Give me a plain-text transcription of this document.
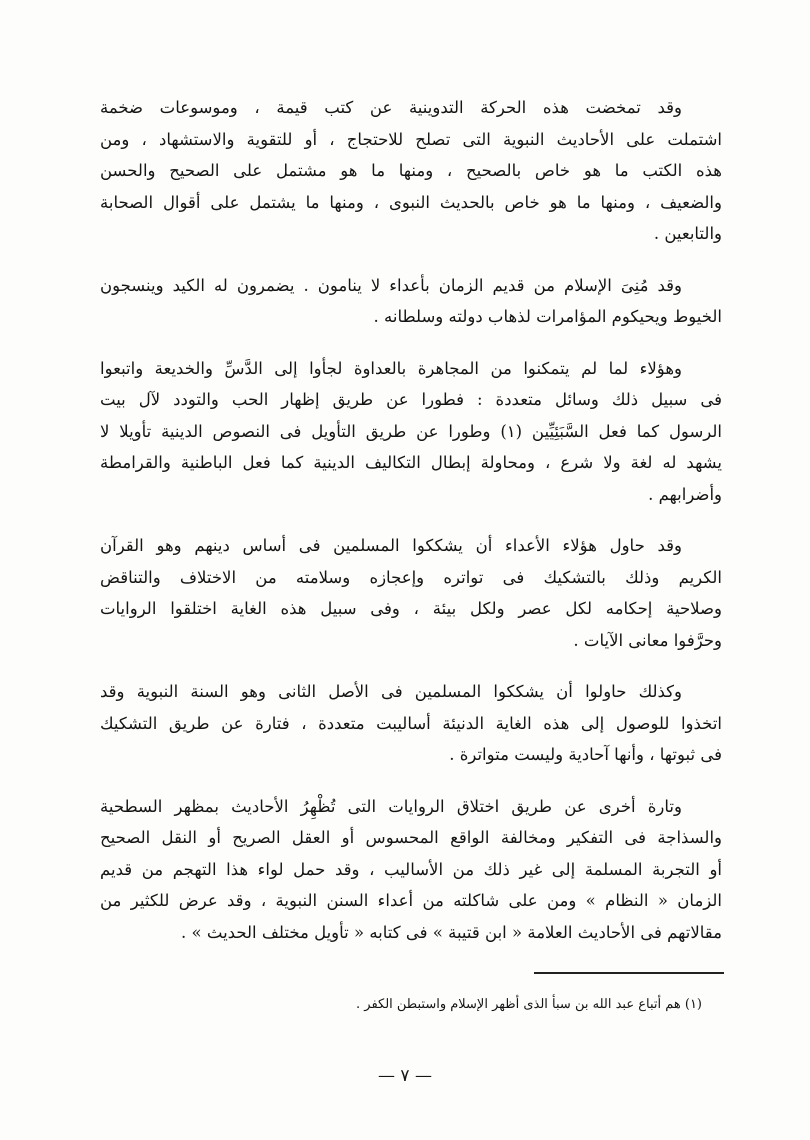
وقد تمخضت هذه الحركة التدوينية عن كتب قيمة ، وموسوعات ضخمة
اشتملت على الأحاديث النبوية التى تصلح للاحتجاج ، أو للتقوية والاستشهاد ، ومن
هذه الكتب ما هو خاص بالصحيح ، ومنها ما هو مشتمل على الصحيح والحسن
والضعيف ، ومنها ما هو خاص بالحديث النبوى ، ومنها ما يشتمل على أقوال الصحابة
والتابعين .

وقد مُنِىَ الإسلام من قديم الزمان بأعداء لا ينامون . يضمرون له الكيد وينسجون
الخيوط ويحيكوم المؤامرات لذهاب دولته وسلطانه .

وهؤلاء لما لم يتمكنوا من المجاهرة بالعداوة لجأوا إلى الدَّسِّ والخديعة واتبعوا
فى سبيل ذلك وسائل متعددة : فطورا عن طريق إظهار الحب والتودد لآل بيت
الرسول كما فعل السَّبَئِيِّين (١) وطورا عن طريق التأويل فى النصوص الدينية تأويلا لا
يشهد له لغة ولا شرع ، ومحاولة إبطال التكاليف الدينية كما فعل الباطنية والقرامطة
وأضرابهم .

وقد حاول هؤلاء الأعداء أن يشككوا المسلمين فى أساس دينهم وهو القرآن
الكريم وذلك بالتشكيك فى تواتره وإعجازه وسلامته من الاختلاف والتناقض
وصلاحية إحكامه لكل عصر ولكل بيئة ، وفى سبيل هذه الغاية اختلقوا الروايات
وحرَّفوا معانى الآيات .

وكذلك حاولوا أن يشككوا المسلمين فى الأصل الثانى وهو السنة النبوية وقد
اتخذوا للوصول إلى هذه الغاية الدنيئة أساليبت متعددة ، فتارة عن طريق التشكيك
فى ثبوتها ، وأنها آحادية وليست متواترة .

وتارة أخرى عن طريق اختلاق الروايات التى تُظْهِرُ الأحاديث بمظهر السطحية
والسذاجة فى التفكير ومخالفة الواقع المحسوس أو العقل الصريح أو النقل الصحيح
أو التجربة المسلمة إلى غير ذلك من الأساليب ، وقد حمل لواء هذا التهجم من قديم
الزمان « النظام » ومن على شاكلته من أعداء السنن النبوية ، وقد عرض للكثير من
مقالاتهم فى الأحاديث العلامة « ابن قتيبة » فى كتابه « تأويل مختلف الحديث » .

(١) هم أتباع عبد الله بن سبأ الذى أظهر الإسلام واستبطن الكفر .
— ٧ —
